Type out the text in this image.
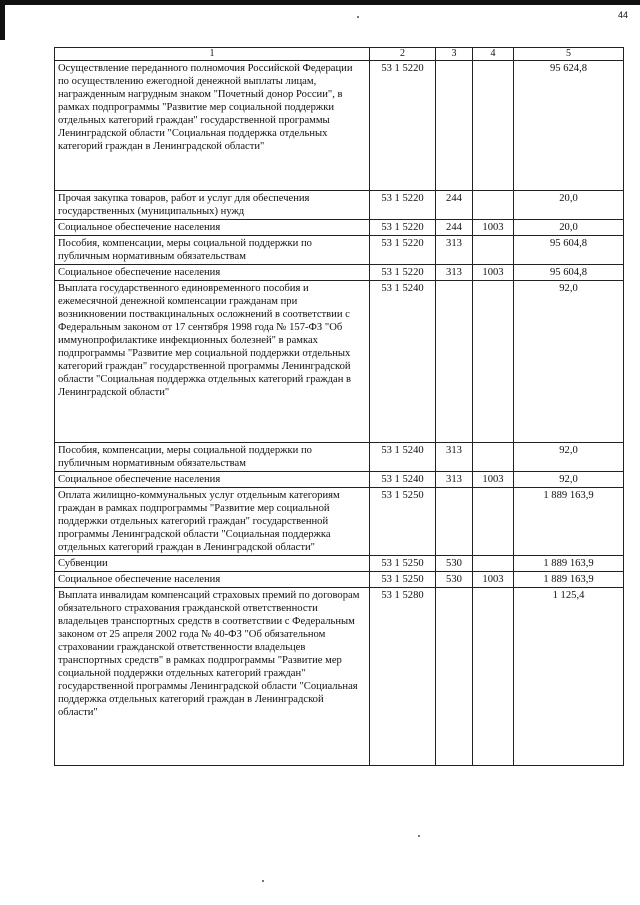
44
1	2	3	4	5
Осуществление переданного полномочия Российской Федерации по осуществлению ежегодной денежной выплаты лицам, награжденным нагрудным знаком "Почетный донор России", в рамках подпрограммы "Развитие мер социальной поддержки отдельных категорий граждан" государственной программы Ленинградской области "Социальная поддержка отдельных категорий граждан в Ленинградской области"	53 1 5220			95 624,8
Прочая закупка товаров, работ и услуг для обеспечения государственных (муниципальных) нужд	53 1 5220	244		20,0
Социальное обеспечение населения	53 1 5220	244	1003	20,0
Пособия, компенсации, меры социальной поддержки по публичным нормативным обязательствам	53 1 5220	313		95 604,8
Социальное обеспечение населения	53 1 5220	313	1003	95 604,8
Выплата государственного единовременного пособия и ежемесячной денежной компенсации гражданам при возникновении поствакцинальных осложнений в соответствии с Федеральным законом от 17 сентября 1998 года № 157-ФЗ "Об иммунопрофилактике инфекционных болезней" в рамках подпрограммы "Развитие мер социальной поддержки отдельных категорий граждан" государственной программы Ленинградской области "Социальная поддержка отдельных категорий граждан в Ленинградской области"	53 1 5240			92,0
Пособия, компенсации, меры социальной поддержки по публичным нормативным обязательствам	53 1 5240	313		92,0
Социальное обеспечение населения	53 1 5240	313	1003	92,0
Оплата жилищно-коммунальных услуг отдельным категориям граждан в рамках подпрограммы "Развитие мер социальной поддержки отдельных категорий граждан" государственной программы Ленинградской области "Социальная поддержка отдельных категорий граждан в Ленинградской области"	53 1 5250			1 889 163,9
Субвенции	53 1 5250	530		1 889 163,9
Социальное обеспечение населения	53 1 5250	530	1003	1 889 163,9
Выплата инвалидам компенсаций страховых премий по договорам обязательного страхования гражданской ответственности владельцев транспортных средств в соответствии с Федеральным законом от 25 апреля 2002 года № 40-ФЗ "Об обязательном страховании гражданской ответственности владельцев транспортных средств" в рамках подпрограммы "Развитие мер социальной поддержки отдельных категорий граждан" государственной программы Ленинградской области "Социальная поддержка отдельных категорий граждан в Ленинградской области"	53 1 5280			1 125,4
